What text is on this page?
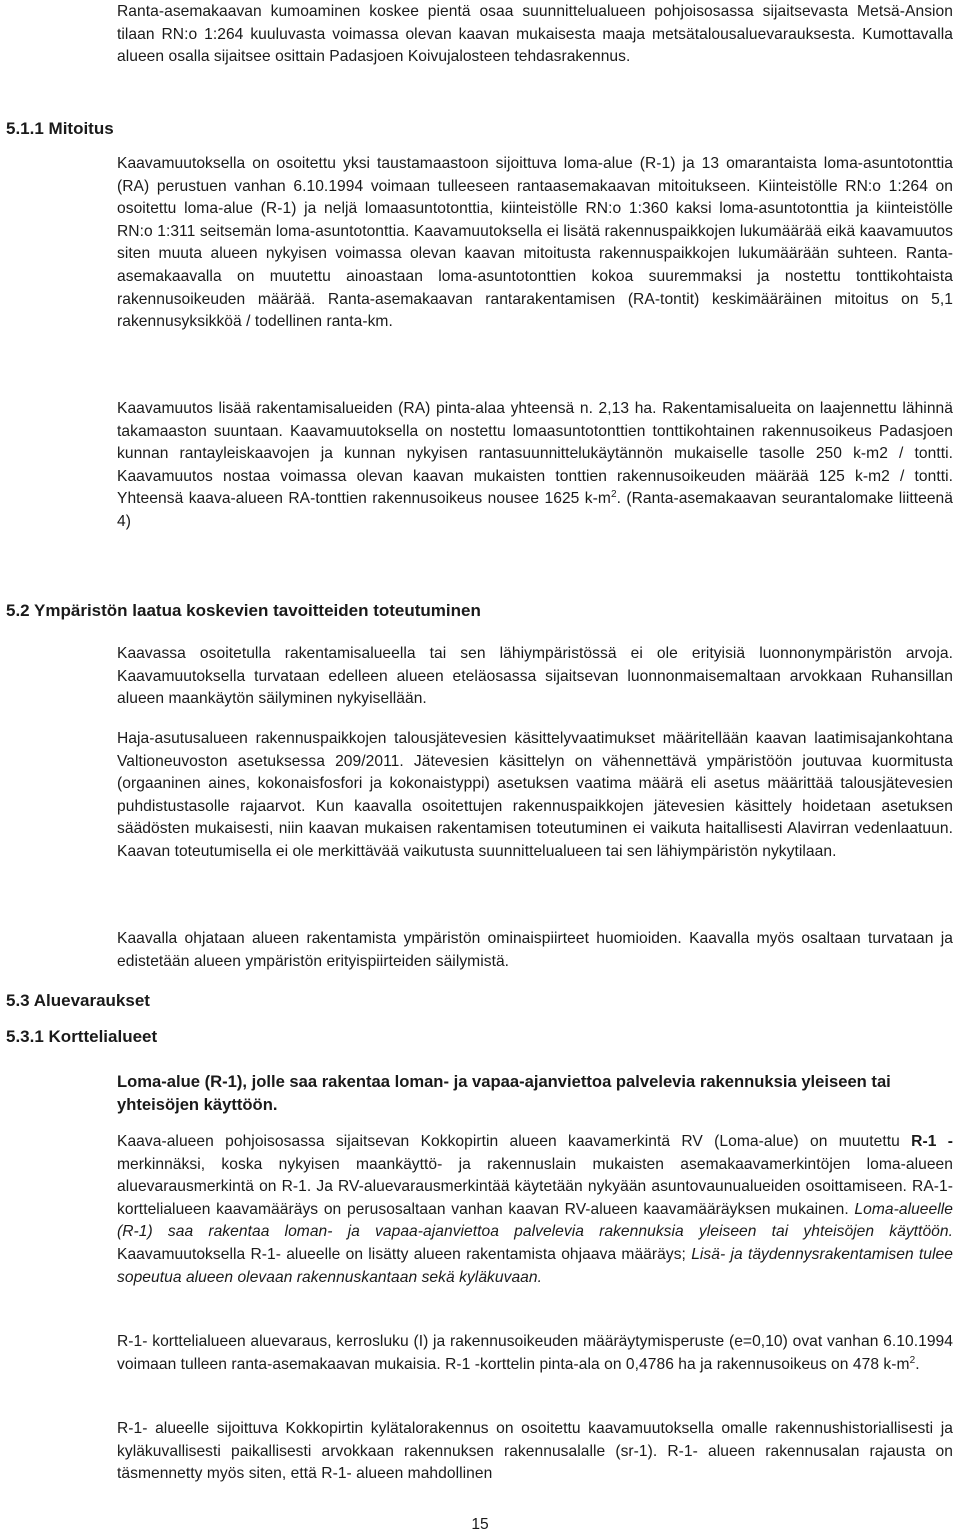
Ranta-asemakaavan kumoaminen koskee pientä osaa suunnittelualueen pohjoisosassa sijaitsevasta Metsä-Ansion tilaan RN:o 1:264 kuuluvasta voimassa olevan kaavan mukaisesta maaja metsätalousaluevarauksesta. Kumottavalla alueen osalla sijaitsee osittain Padasjoen Koivujalosteen tehdasrakennus.
5.1.1 Mitoitus
Kaavamuutoksella on osoitettu yksi taustamaastoon sijoittuva loma-alue (R-1) ja 13 omarantaista loma-asuntotonttia (RA) perustuen vanhan 6.10.1994 voimaan tulleeseen rantaasemakaavan mitoitukseen. Kiinteistölle RN:o 1:264 on osoitettu loma-alue (R-1) ja neljä lomaasuntotonttia, kiinteistölle RN:o 1:360 kaksi loma-asuntotonttia ja kiinteistölle RN:o 1:311 seitsemän loma-asuntotonttia. Kaavamuutoksella ei lisätä rakennuspaikkojen lukumäärää eikä kaavamuutos siten muuta alueen nykyisen voimassa olevan kaavan mitoitusta rakennuspaikkojen lukumäärään suhteen. Ranta-asemakaavalla on muutettu ainoastaan loma-asuntotonttien kokoa suuremmaksi ja nostettu tonttikohtaista rakennusoikeuden määrää. Ranta-asemakaavan rantarakentamisen (RA-tontit) keskimääräinen mitoitus on 5,1 rakennusyksikköä / todellinen ranta-km.
Kaavamuutos lisää rakentamisalueiden (RA) pinta-alaa yhteensä n. 2,13 ha. Rakentamisalueita on laajennettu lähinnä takamaaston suuntaan. Kaavamuutoksella on nostettu lomaasuntotonttien tonttikohtainen rakennusoikeus Padasjoen kunnan rantayleiskaavojen ja kunnan nykyisen rantasuunnittelukäytännön mukaiselle tasolle 250 k-m2 / tontti. Kaavamuutos nostaa voimassa olevan kaavan mukaisten tonttien rakennusoikeuden määrää 125 k-m2 / tontti. Yhteensä kaava-alueen RA-tonttien rakennusoikeus nousee 1625 $k-m^2$. (Ranta-asemakaavan seurantalomake liitteenä 4)
5.2 Ympäristön laatua koskevien tavoitteiden toteutuminen
Kaavassa osoitetulla rakentamisalueella tai sen lähiympäristössä ei ole erityisiä luonnonympäristön arvoja. Kaavamuutoksella turvataan edelleen alueen eteläosassa sijaitsevan luonnonmaisemaltaan arvokkaan Ruhansillan alueen maankäytön säilyminen nykyisellään.
Haja-asutusalueen rakennuspaikkojen talousjätevesien käsittelyvaatimukset määritellään kaavan laatimisajankohtana Valtioneuvoston asetuksessa 209/2011. Jätevesien käsittelyn on vähennettävä ympäristöön joutuvaa kuormitusta (orgaaninen aines, kokonaisfosfori ja kokonaistyppi) asetuksen vaatima määrä eli asetus määrittää talousjätevesien puhdistustasolle rajaarvot. Kun kaavalla osoitettujen rakennuspaikkojen jätevesien käsittely hoidetaan asetuksen säädösten mukaisesti, niin kaavan mukaisen rakentamisen toteutuminen ei vaikuta haitallisesti Alavirran vedenlaatuun. Kaavan toteutumisella ei ole merkittävää vaikutusta suunnittelualueen tai sen lähiympäristön nykytilaan.
Kaavalla ohjataan alueen rakentamista ympäristön ominaispiirteet huomioiden. Kaavalla myös osaltaan turvataan ja edistetään alueen ympäristön erityispiirteiden säilymistä.
5.3 Aluevaraukset
5.3.1 Korttelialueet
Loma-alue (R-1), jolle saa rakentaa loman- ja vapaa-ajanviettoa palvelevia rakennuksia yleiseen tai yhteisöjen käyttöön.
Kaava-alueen pohjoisosassa sijaitsevan Kokkopirtin alueen kaavamerkintä RV (Loma-alue) on muutettu R-1 -merkinnäksi, koska nykyisen maankäyttö- ja rakennuslain mukaisten asemakaavamerkintöjen loma-alueen aluevarausmerkintä on R-1. Ja RV-aluevarausmerkintää käytetään nykyään asuntovaunualueiden osoittamiseen. RA-1- korttelialueen kaavamääräys on perusosaltaan vanhan kaavan RV-alueen kaavamääräyksen mukainen. Loma-alueelle (R-1) saa rakentaa loman- ja vapaa-ajanviettoa palvelevia rakennuksia yleiseen tai yhteisöjen käyttöön. Kaavamuutoksella R-1- alueelle on lisätty alueen rakentamista ohjaava määräys; Lisä- ja täydennysrakentamisen tulee sopeutua alueen olevaan rakennuskantaan sekä kyläkuvaan.
R-1- korttelialueen aluevaraus, kerrosluku (I) ja rakennusoikeuden määräytymisperuste (e=0,10) ovat vanhan 6.10.1994 voimaan tulleen ranta-asemakaavan mukaisia. R-1 -korttelin pinta-ala on 0,4786 ha ja rakennusoikeus on 478 $k-m^2$.
R-1- alueelle sijoittuva Kokkopirtin kylätalorakennus on osoitettu kaavamuutoksella omalle rakennushistoriallisesti ja kyläkuvallisesti paikallisesti arvokkaan rakennuksen rakennusalalle (sr-1). R-1- alueen rakennusalan rajausta on täsmennetty myös siten, että R-1- alueen mahdollinen
15
